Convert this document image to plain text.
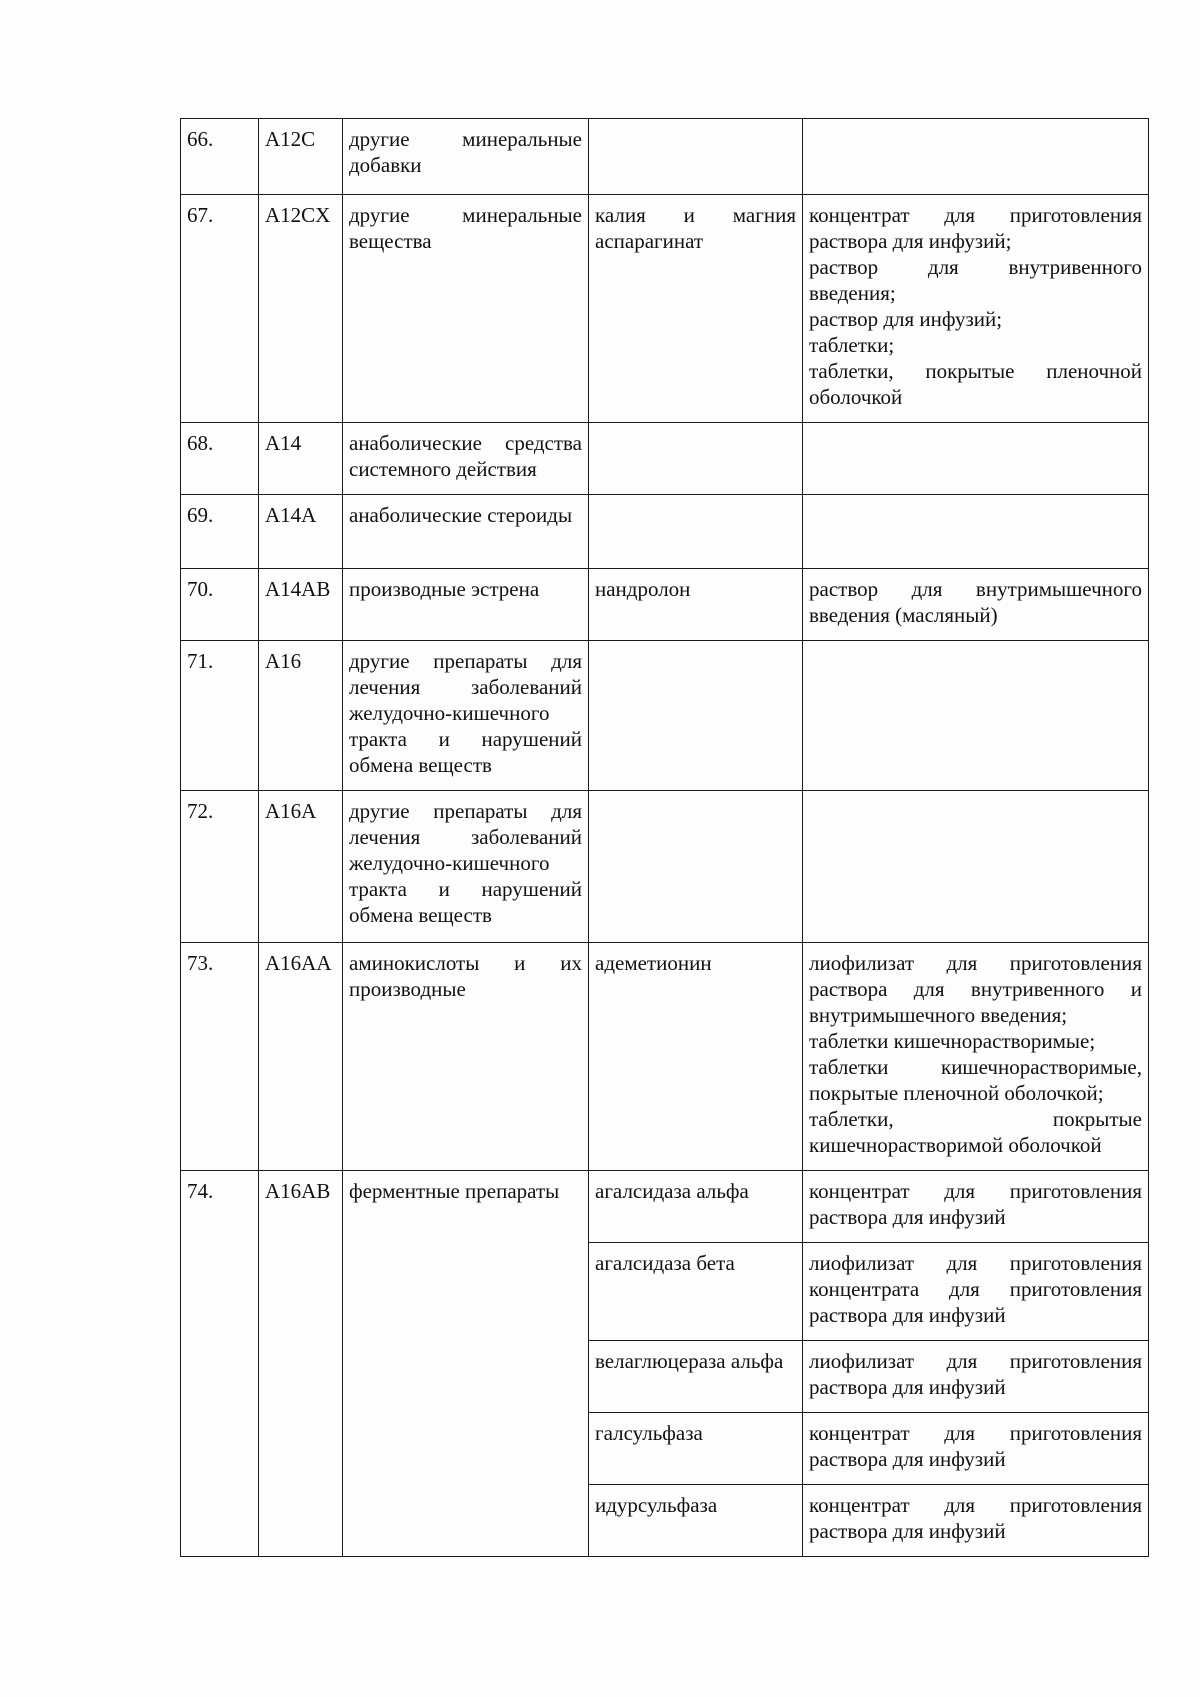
66.	A12C	другие минеральные добавки		
67.	A12CX	другие минеральные вещества	калия и магния аспарагинат	концентрат для приготовления раствора для инфузий;
раствор для внутривенного введения;
раствор для инфузий;
таблетки;
таблетки, покрытые пленочной оболочкой

68.	A14	анаболические средства системного действия		
69.	A14A	анаболические стероиды		
70.	A14AB	производные эстрена	нандролон	раствор для внутримышечного введения (масляный)

71.	A16	другие препараты для лечения заболеваний желудочно-кишечного тракта и нарушений обмена веществ		
72.	A16A	другие препараты для лечения заболеваний желудочно-кишечного тракта и нарушений обмена веществ		
73.	A16AA	аминокислоты и их производные	адеметионин	лиофилизат для приготовления раствора для внутривенного и внутримышечного введения;
таблетки кишечнорастворимые;
таблетки кишечнорастворимые, покрытые пленочной оболочкой;
таблетки, покрытые кишечнорастворимой оболочкой

74.	A16AB	ферментные препараты	агалсидаза альфа	концентрат для приготовления раствора для инфузий
			агалсидаза бета	лиофилизат для приготовления концентрата для приготовления раствора для инфузий
			велаглюцераза альфа	лиофилизат для приготовления раствора для инфузий
			галсульфаза	концентрат для приготовления раствора для инфузий
			идурсульфаза	концентрат для приготовления раствора для инфузий
